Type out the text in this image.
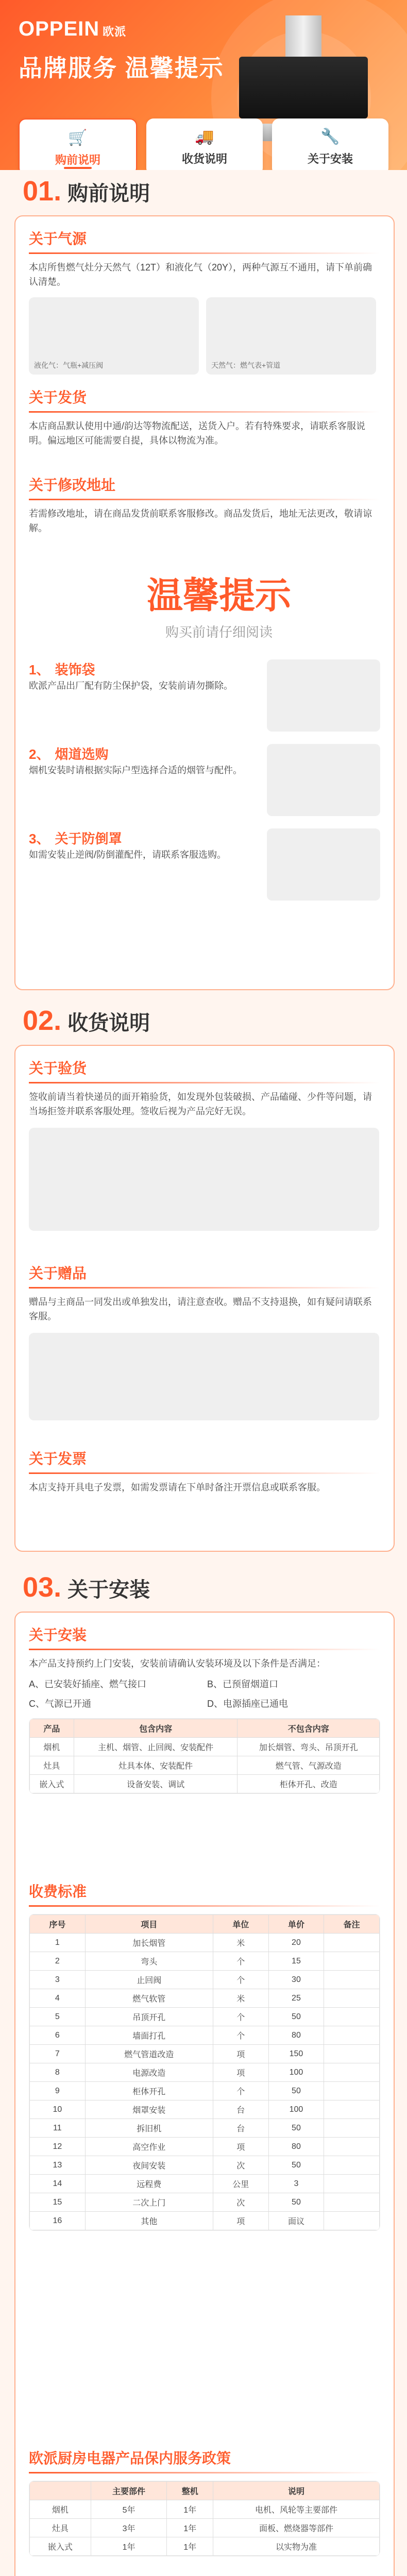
OPPEIN 欧派
品牌服务 温馨提示
🛒
购前说明
🚚
收货说明
🔧
关于安装
01. 购前说明
关于气源
本店所售燃气灶分天然气（12T）和液化气（20Y），两种气源互不通用，请下单前确认清楚。
液化气：气瓶+减压阀	天然气：燃气表+管道
关于发货
本店商品默认使用中通/韵达等物流配送，送货入户。若有特殊要求，请联系客服说明。偏远地区可能需要自提，具体以物流为准。
关于修改地址
若需修改地址，请在商品发货前联系客服修改。商品发货后，地址无法更改，敬请谅解。
温馨提示
购买前请仔细阅读
1、 装饰袋
欧派产品出厂配有防尘保护袋，安装前请勿撕除。
2、 烟道选购
烟机安装时请根据实际户型选择合适的烟管与配件。
3、 关于防倒罩
如需安装止逆阀/防倒灌配件，请联系客服选购。
02. 收货说明
关于验货
签收前请当着快递员的面开箱验货，如发现外包装破损、产品磕碰、少件等问题，请当场拒签并联系客服处理。签收后视为产品完好无误。
关于赠品
赠品与主商品一同发出或单独发出，请注意查收。赠品不支持退换，如有疑问请联系客服。
关于发票
本店支持开具电子发票，如需发票请在下单时备注开票信息或联系客服。
03. 关于安装
关于安装
本产品支持预约上门安装，安装前请确认安装环境及以下条件是否满足：
A、已安装好插座、燃气接口	B、已预留烟道口
C、气源已开通	D、电源插座已通电
产品	包含内容	不包含内容
烟机	主机、烟管、止回阀、安装配件	加长烟管、弯头、吊顶开孔
灶具	灶具本体、安装配件	燃气管、气源改造
嵌入式	设备安装、调试	柜体开孔、改造
收费标准
序号	项目	单位	单价	备注
1	加长烟管	米	20	
2	弯头	个	15	
3	止回阀	个	30	
4	燃气软管	米	25	
5	吊顶开孔	个	50	
6	墙面打孔	个	80	
7	燃气管道改造	项	150	
8	电源改造	项	100	
9	柜体开孔	个	50	
10	烟罩安装	台	100	
11	拆旧机	台	50	
12	高空作业	项	80	
13	夜间安装	次	50	
14	远程费	公里	3	
15	二次上门	次	50	
16	其他	项	面议	
欧派厨房电器产品保内服务政策
	主要部件	整机	说明
烟机	5年	1年	电机、风轮等主要部件
灶具	3年	1年	面板、燃烧器等部件
嵌入式	1年	1年	以实物为准
